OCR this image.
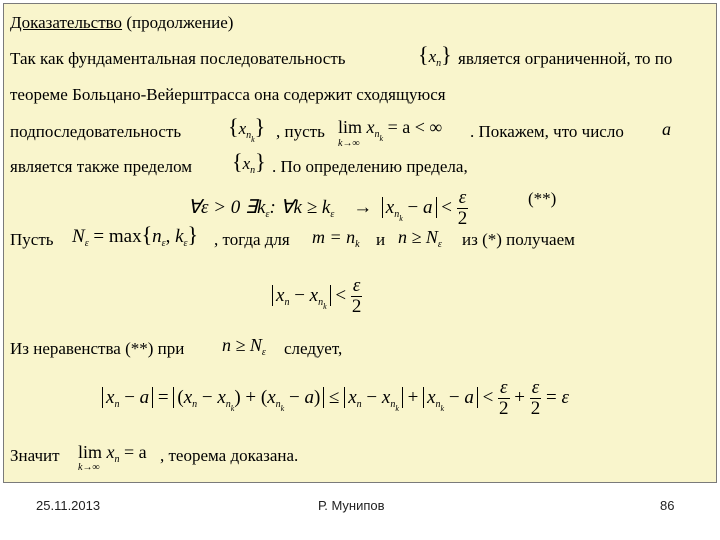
Доказательство (продолжение)
Так как фундаментальная последовательность	$\{x_n\}$ является ограниченной, то по
теореме Больцано-Вейерштрасса она содержит сходящуюся
подпоследовательность $\{x_{nk}\}$ , пусть $\lim x_{nk} = a$ < ∞
k→∞
. Покажем, что число a
является также пределом $\{x_n\}$ . По определению предела,
∀ε > 0 $\exists k_\varepsilon$: ∀k ≥ $k_\varepsilon \to x_{nk} - a < \frac{\varepsilon}{2}$	(**)
Пусть $N_\varepsilon = \max\{n_\varepsilon$, $k_\varepsilon$} , тогда для $m = n_k$ и $n \ge N_\varepsilon$ из (*) получаем
$x_n - x_{nk} < \frac{\varepsilon}{2}$
Из неравенства (**) при $n \ge N_\varepsilon$ следует,
$x_n - a = (x_n - x_{nk}) + (x_{nk} - a) \le x_n - x_{nk} + x_{nk} - a < \frac{\varepsilon}{2} + \frac{\varepsilon}{2} = \varepsilon$
Значит $\lim x_n = a$
k→∞
, теорема доказана.
25.11.2013	Р. Мунипов	86
